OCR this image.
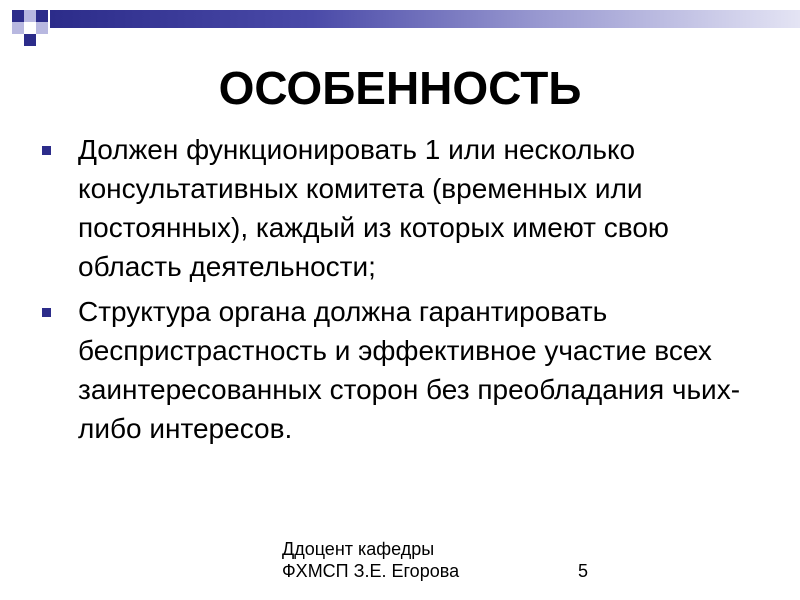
ОСОБЕННОСТЬ
Должен функционировать 1 или несколько консультативных комитета (временных или постоянных), каждый из которых имеют свою область деятельности;
Структура органа должна гарантировать беспристрастность и эффективное участие всех заинтересованных сторон без преобладания чьих-либо интересов.
Ддоцент кафедры
ФХМСП З.Е. Егорова	5
